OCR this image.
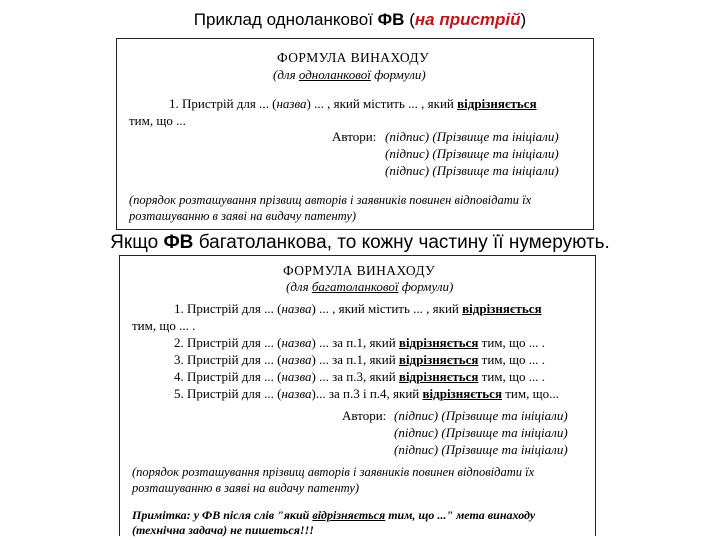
Приклад одноланкової ФВ (на пристрій)
ФОРМУЛА ВИНАХОДУ
(для одноланкової формули)
1. Пристрій для ... (назва) ... , який містить ... , який відрізняється
тим, що ...
Автори: (підпис) (Прізвище та ініціали)
(підпис) (Прізвище та ініціали)
(підпис) (Прізвище та ініціали)
(порядок розташування прізвищ авторів і заявників повинен відповідати їх
розташуванню в заяві на видачу патенту)
Якщо ФВ багатоланкова, то кожну частину її нумерують.
ФОРМУЛА ВИНАХОДУ
(для багатоланкової формули)
1. Пристрій для ... (назва) ... , який містить ... , який відрізняється
тим, що ... .
2. Пристрій для ... (назва) ... за п.1, який відрізняється тим, що ... .
3. Пристрій для ... (назва) ... за п.1, який відрізняється тим, що ... .
4. Пристрій для ... (назва) ... за п.3, який відрізняється тим, що ... .
5. Пристрій для ... (назва)... за п.3 і п.4, який відрізняється тим, що...
Автори: (підпис) (Прізвище та ініціали)
(підпис) (Прізвище та ініціали)
(підпис) (Прізвище та ініціали)
(порядок розташування прізвищ авторів і заявників повинен відповідати їх
розташуванню в заяві на видачу патенту)
Примітка: у ФВ після слів "який відрізняється тим, що ..." мета винаходу
(технічна задача) не пишеться!!!
